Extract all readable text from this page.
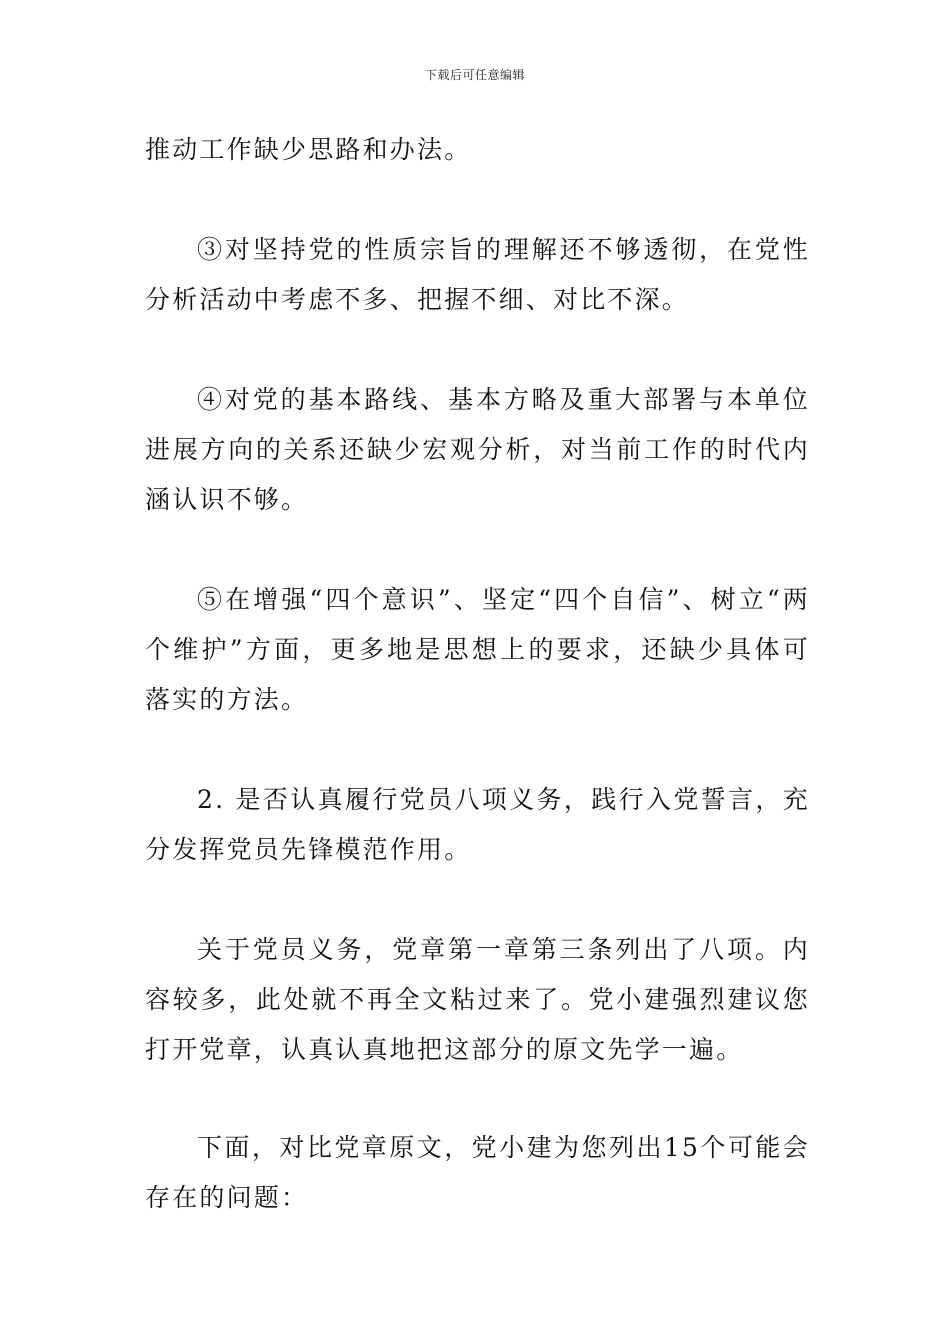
下载后可任意编辑

推动工作缺少思路和办法。

③对坚持党的性质宗旨的理解还不够透彻，在党性分析活动中考虑不多、把握不细、对比不深。

④对党的基本路线、基本方略及重大部署与本单位进展方向的关系还缺少宏观分析，对当前工作的时代内涵认识不够。

⑤在增强“四个意识”、坚定“四个自信”、树立“两个维护”方面，更多地是思想上的要求，还缺少具体可落实的方法。

2. 是否认真履行党员八项义务，践行入党誓言，充分发挥党员先锋模范作用。

关于党员义务，党章第一章第三条列出了八项。内容较多，此处就不再全文粘过来了。党小建强烈建议您打开党章，认真认真地把这部分的原文先学一遍。

下面，对比党章原文，党小建为您列出15个可能会存在的问题：
